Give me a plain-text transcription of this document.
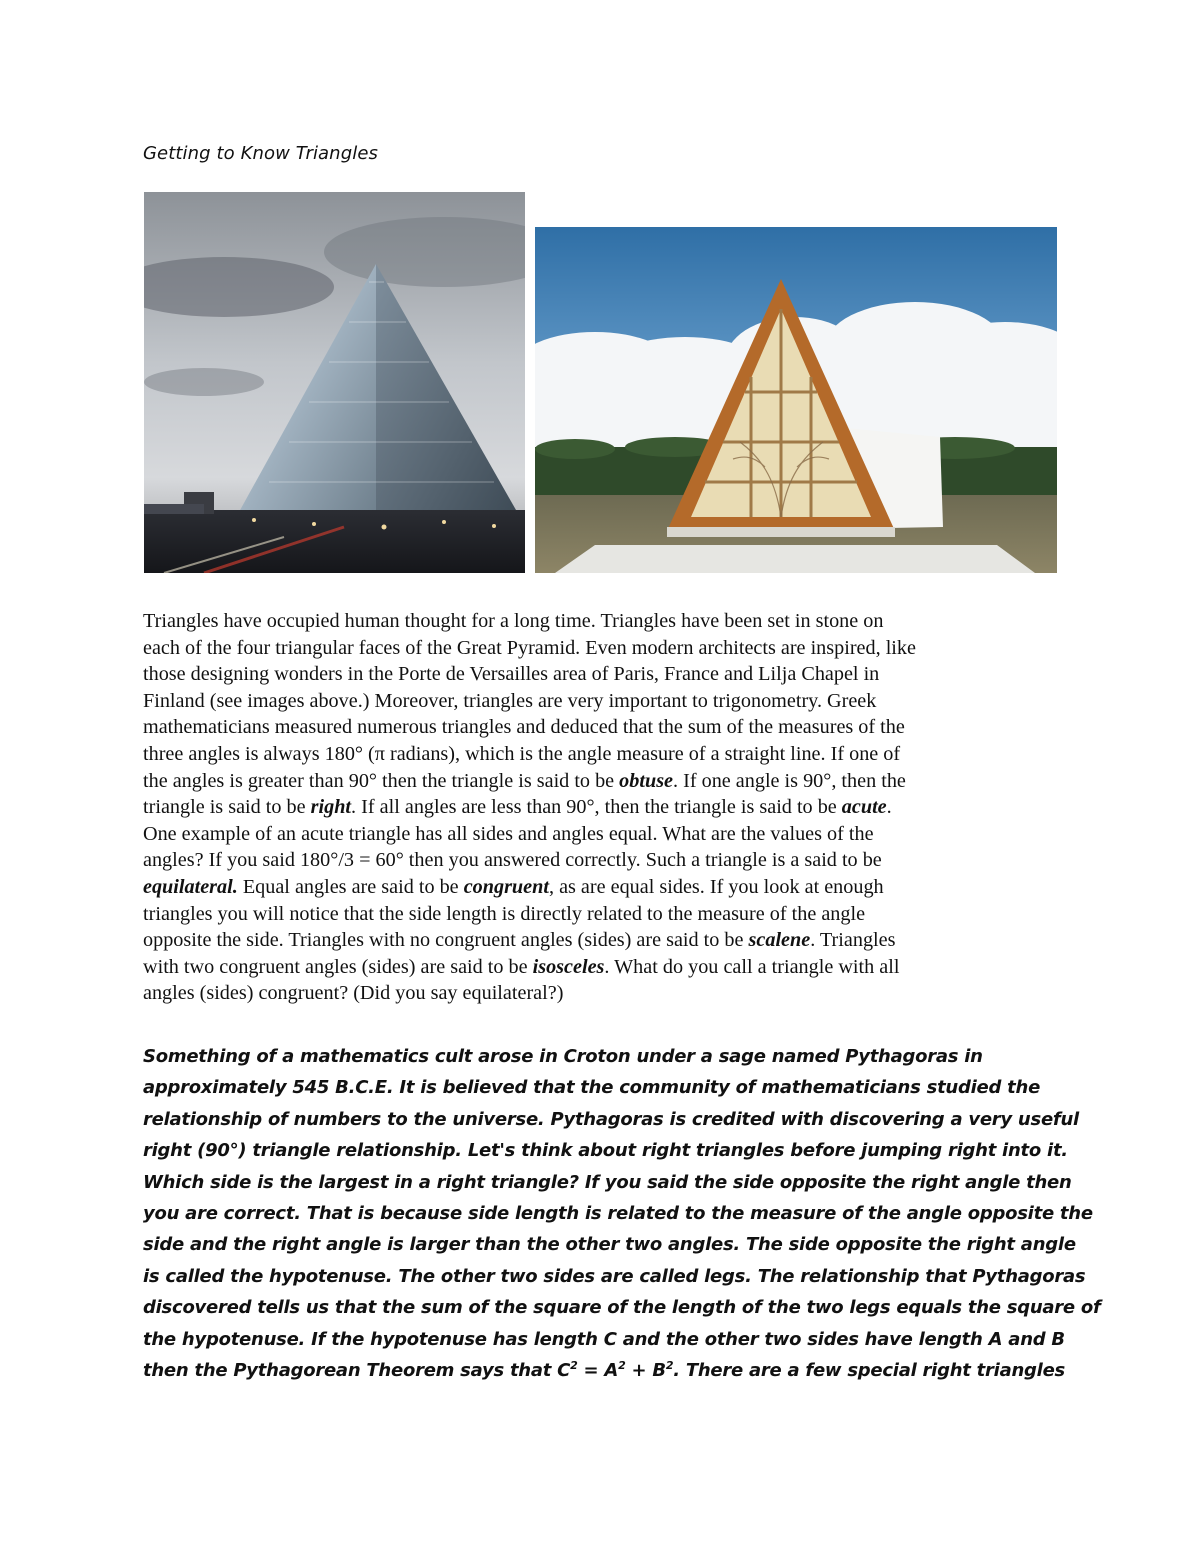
Getting to Know Triangles
Triangles have occupied human thought for a long time. Triangles have been set in stone on
each of the four triangular faces of the Great Pyramid. Even modern architects are inspired, like
those designing wonders in the Porte de Versailles area of Paris, France and Lilja Chapel in
Finland (see images above.) Moreover, triangles are very important to trigonometry. Greek
mathematicians measured numerous triangles and deduced that the sum of the measures of the
three angles is always 180° (π radians), which is the angle measure of a straight line. If one of
the angles is greater than 90° then the triangle is said to be obtuse. If one angle is 90°, then the
triangle is said to be right. If all angles are less than 90°, then the triangle is said to be acute.
One example of an acute triangle has all sides and angles equal. What are the values of the
angles? If you said 180°/3 = 60° then you answered correctly. Such a triangle is a said to be
equilateral. Equal angles are said to be congruent, as are equal sides. If you look at enough
triangles you will notice that the side length is directly related to the measure of the angle
opposite the side. Triangles with no congruent angles (sides) are said to be scalene. Triangles
with two congruent angles (sides) are said to be isosceles. What do you call a triangle with all
angles (sides) congruent? (Did you say equilateral?)
Something of a mathematics cult arose in Croton under a sage named Pythagoras in
approximately 545 B.C.E. It is believed that the community of mathematicians studied the
relationship of numbers to the universe. Pythagoras is credited with discovering a very useful
right (90°) triangle relationship. Let's think about right triangles before jumping right into it.
Which side is the largest in a right triangle? If you said the side opposite the right angle then
you are correct. That is because side length is related to the measure of the angle opposite the
side and the right angle is larger than the other two angles. The side opposite the right angle
is called the hypotenuse. The other two sides are called legs. The relationship that Pythagoras
discovered tells us that the sum of the square of the length of the two legs equals the square of
the hypotenuse. If the hypotenuse has length C and the other two sides have length A and B
then the Pythagorean Theorem says that $C^2 = A^2 + B^2$. There are a few special right triangles
